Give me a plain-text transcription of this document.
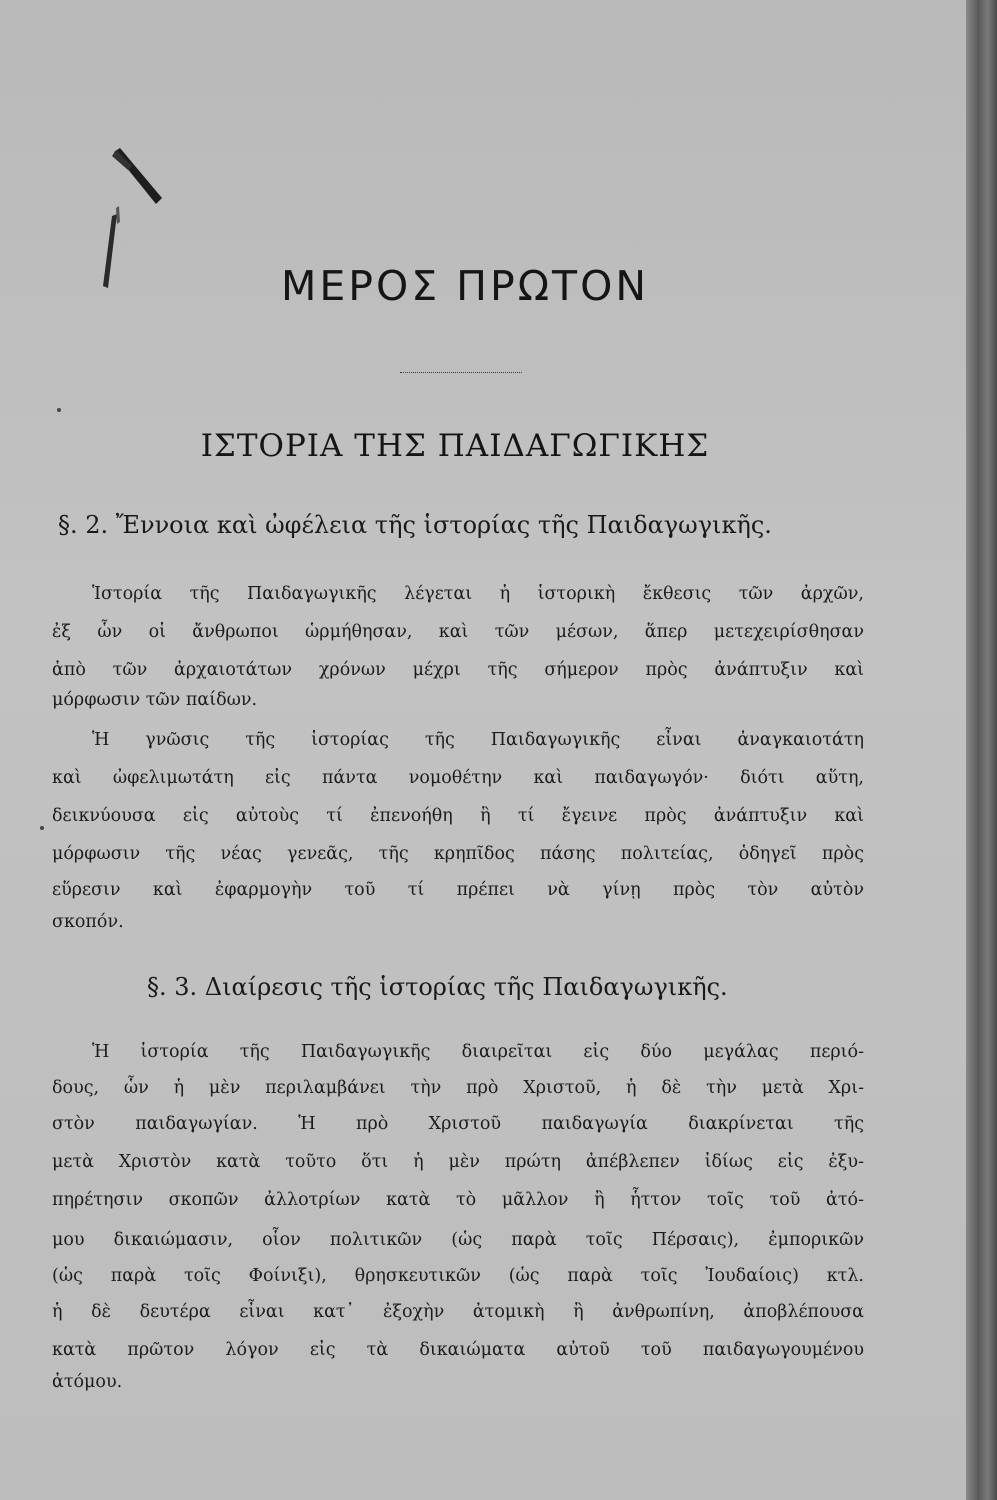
ΜΕΡΟΣ ΠΡΩΤΟΝ
ΙΣΤΟΡΙΑ ΤΗΣ ΠΑΙΔΑΓΩΓΙΚΗΣ
§. 2. Ἔννοια καὶ ὠφέλεια τῆς ἱστορίας τῆς Παιδαγωγικῆς.
Ἱστορία τῆς Παιδαγωγικῆς λέγεται ἡ ἱστορικὴ ἔκθεσις τῶν ἀρχῶν,
ἐξ ὧν οἱ ἄνθρωποι ὡρμήθησαν, καὶ τῶν μέσων, ἅπερ μετεχειρίσθησαν
ἀπὸ τῶν ἀρχαιοτάτων χρόνων μέχρι τῆς σήμερον πρὸς ἀνάπτυξιν καὶ
μόρφωσιν τῶν παίδων.
Ἡ γνῶσις τῆς ἱστορίας τῆς Παιδαγωγικῆς εἶναι ἀναγκαιοτάτη
καὶ ὠφελιμωτάτη εἰς πάντα νομοθέτην καὶ παιδαγωγόν· διότι αὕτη,
δεικνύουσα εἰς αὐτοὺς τί ἐπενοήθη ἢ τί ἔγεινε πρὸς ἀνάπτυξιν καὶ
μόρφωσιν τῆς νέας γενεᾶς, τῆς κρηπῖδος πάσης πολιτείας, ὁδηγεῖ πρὸς
εὕρεσιν καὶ ἐφαρμογὴν τοῦ τί πρέπει νὰ γίνῃ πρὸς τὸν αὐτὸν
σκοπόν.
§. 3. Διαίρεσις τῆς ἱστορίας τῆς Παιδαγωγικῆς.
Ἡ ἱστορία τῆς Παιδαγωγικῆς διαιρεῖται εἰς δύο μεγάλας περιό-
δους, ὧν ἡ μὲν περιλαμβάνει τὴν πρὸ Χριστοῦ, ἡ δὲ τὴν μετὰ Χρι-
στὸν παιδαγωγίαν. Ἡ πρὸ Χριστοῦ παιδαγωγία διακρίνεται τῆς
μετὰ Χριστὸν κατὰ τοῦτο ὅτι ἡ μὲν πρώτη ἀπέβλεπεν ἰδίως εἰς ἐξυ-
πηρέτησιν σκοπῶν ἀλλοτρίων κατὰ τὸ μᾶλλον ἢ ἧττον τοῖς τοῦ ἀτό-
μου δικαιώμασιν, οἷον πολιτικῶν (ὡς παρὰ τοῖς Πέρσαις), ἐμπορικῶν
(ὡς παρὰ τοῖς Φοίνιξι), θρησκευτικῶν (ὡς παρὰ τοῖς Ἰουδαίοις) κτλ.
ἡ δὲ δευτέρα εἶναι κατ᾽ ἐξοχὴν ἀτομικὴ ἢ ἀνθρωπίνη, ἀποβλέπουσα
κατὰ πρῶτον λόγον εἰς τὰ δικαιώματα αὐτοῦ τοῦ παιδαγωγουμένου
ἀτόμου.
